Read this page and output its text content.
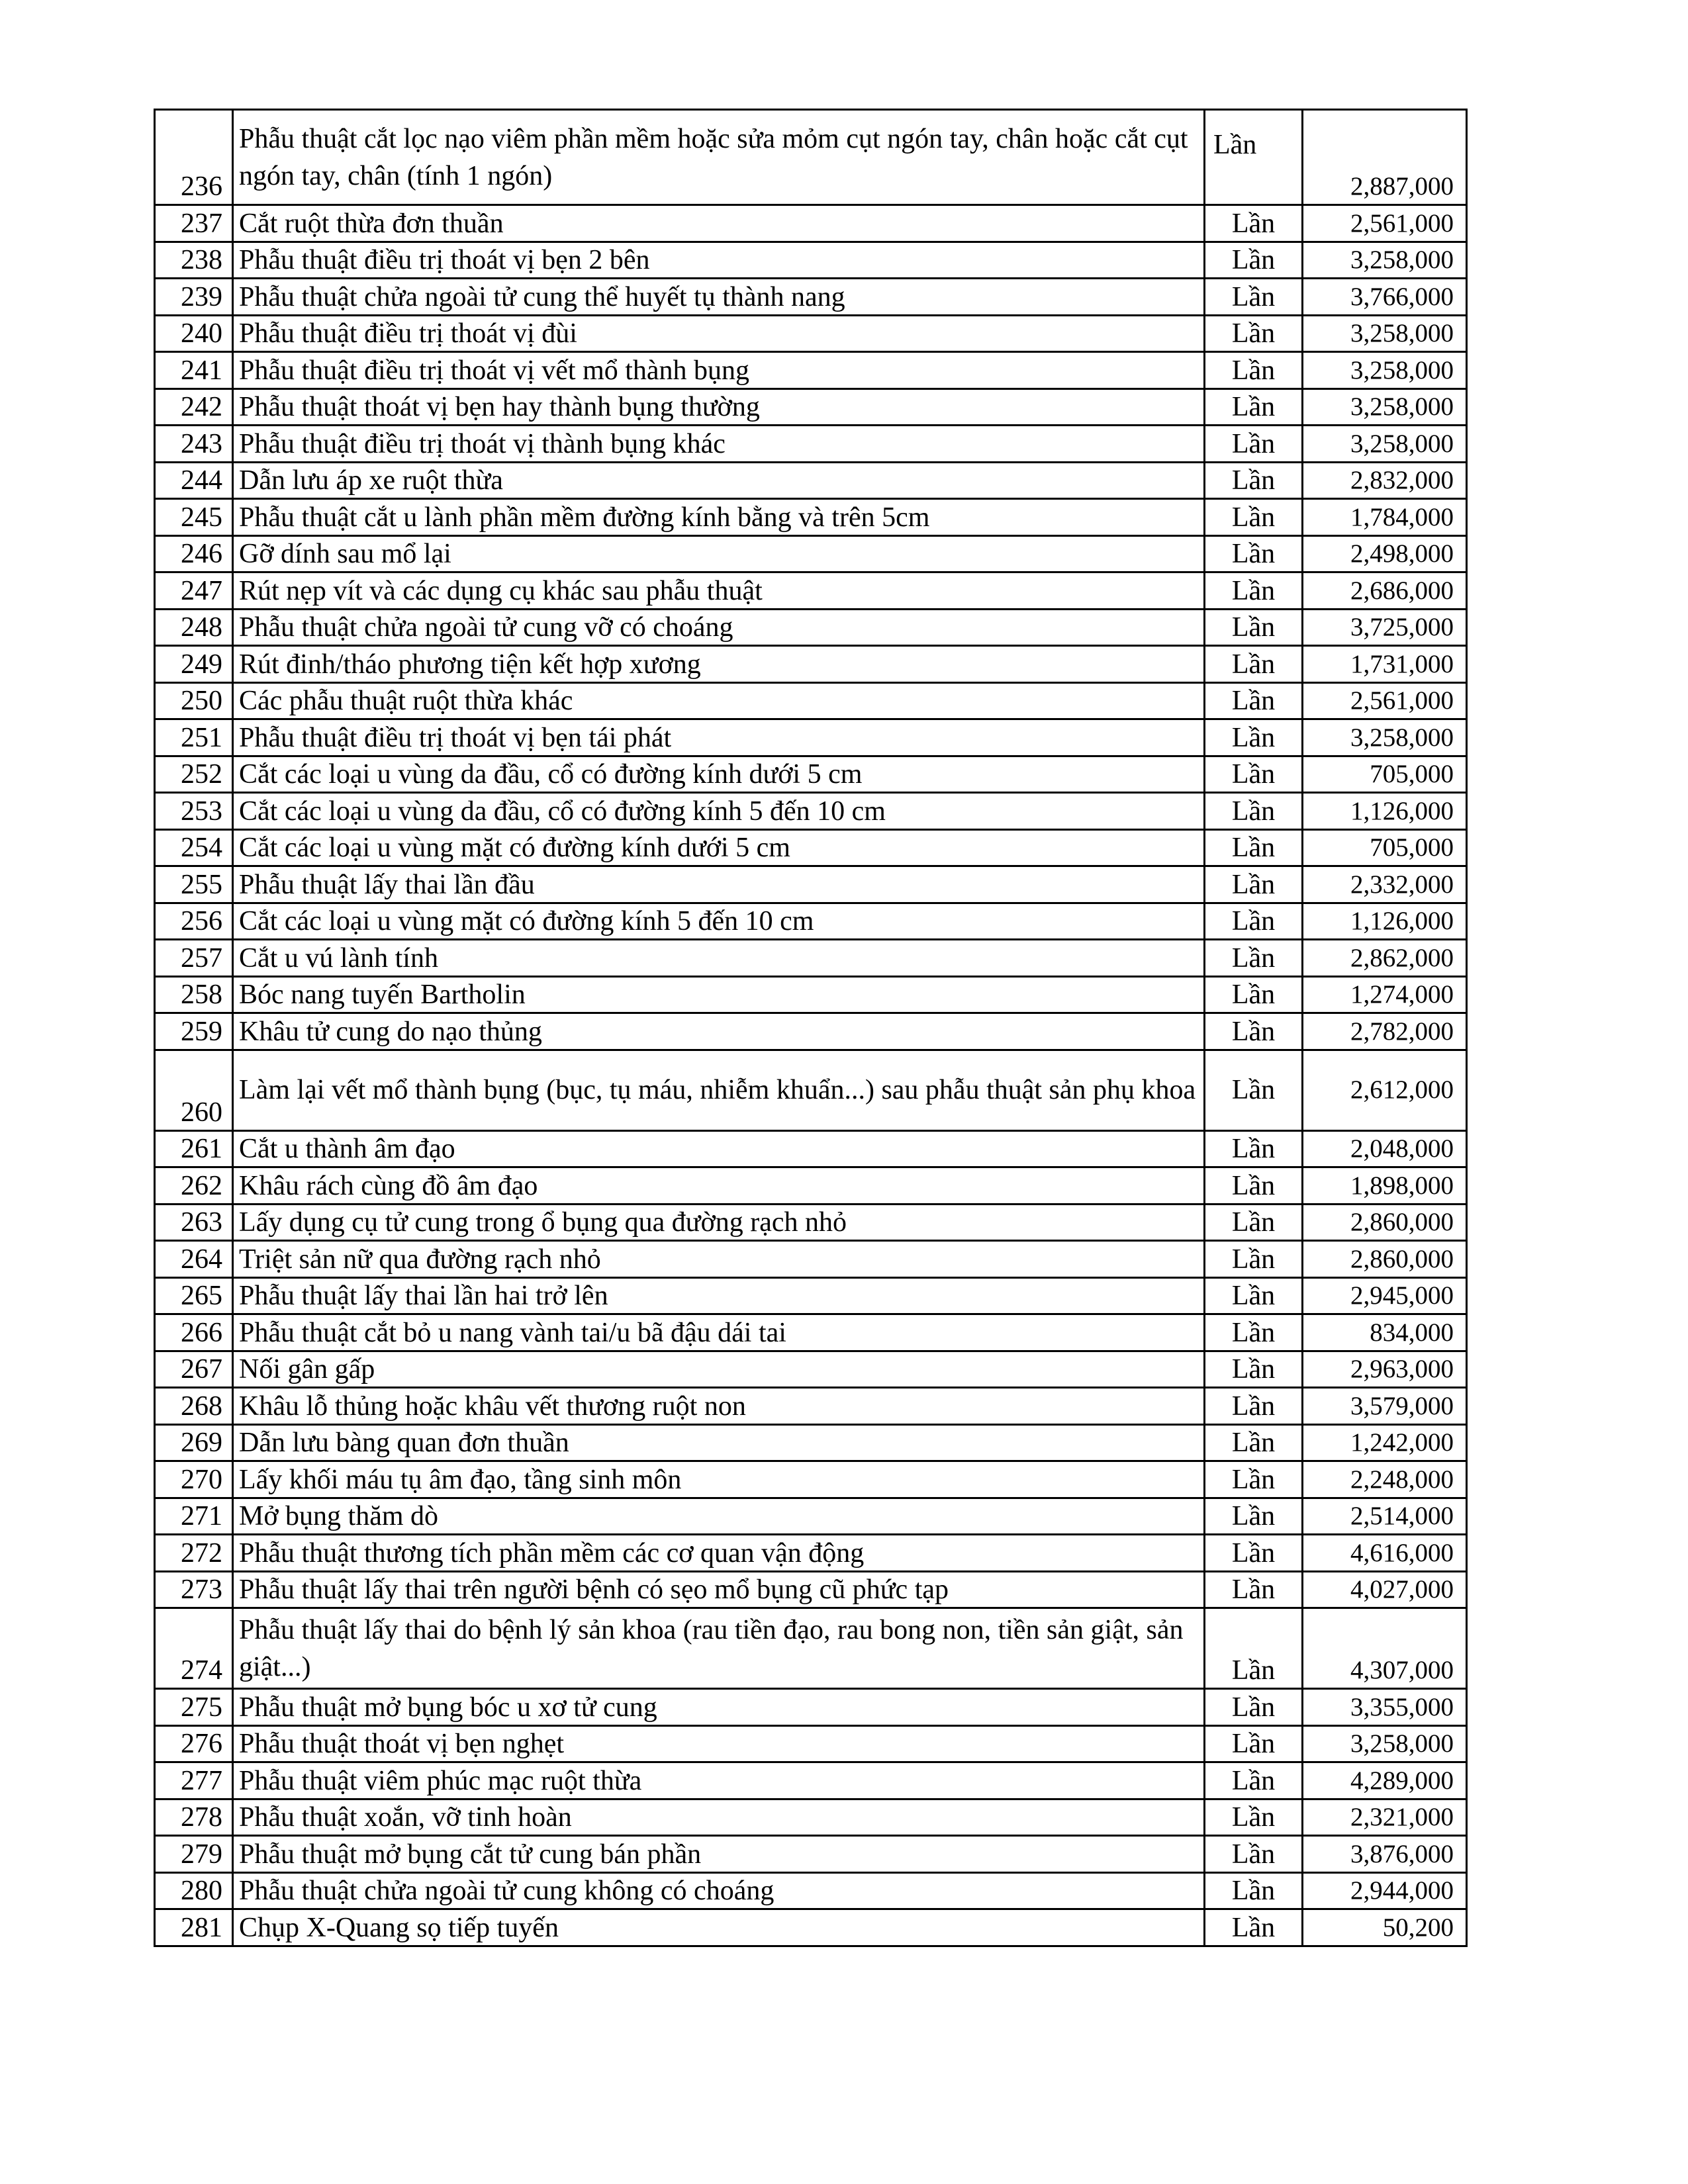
236	Phẫu thuật cắt lọc nạo viêm phần mềm hoặc sửa mỏm cụt ngón tay, chân hoặc cắt cụt ngón tay, chân (tính 1 ngón)	Lần	2,887,000
237	Cắt ruột thừa đơn thuần	Lần	2,561,000
238	Phẫu thuật điều trị thoát vị bẹn 2 bên	Lần	3,258,000
239	Phẫu thuật chửa ngoài tử cung thể huyết tụ thành nang	Lần	3,766,000
240	Phẫu thuật điều trị thoát vị đùi	Lần	3,258,000
241	Phẫu thuật điều trị thoát vị vết mổ thành bụng	Lần	3,258,000
242	Phẫu thuật thoát vị bẹn hay thành bụng thường	Lần	3,258,000
243	Phẫu thuật điều trị thoát vị thành bụng khác	Lần	3,258,000
244	Dẫn lưu áp xe ruột thừa	Lần	2,832,000
245	Phẫu thuật cắt u lành phần mềm đường kính bằng và trên 5cm	Lần	1,784,000
246	Gỡ dính sau mổ lại	Lần	2,498,000
247	Rút nẹp vít và các dụng cụ khác sau phẫu thuật	Lần	2,686,000
248	Phẫu thuật chửa ngoài tử cung vỡ có choáng	Lần	3,725,000
249	Rút đinh/tháo phương tiện kết hợp xương	Lần	1,731,000
250	Các phẫu thuật ruột thừa khác	Lần	2,561,000
251	Phẫu thuật điều trị thoát vị bẹn tái phát	Lần	3,258,000
252	Cắt các loại u vùng da đầu, cổ có đường kính dưới 5 cm	Lần	705,000
253	Cắt các loại u vùng da đầu, cổ có đường kính 5 đến 10 cm	Lần	1,126,000
254	Cắt các loại u vùng mặt có đường kính dưới 5 cm	Lần	705,000
255	Phẫu thuật lấy thai lần đầu	Lần	2,332,000
256	Cắt các loại u vùng mặt có đường kính 5 đến 10 cm	Lần	1,126,000
257	Cắt u vú lành tính	Lần	2,862,000
258	Bóc nang tuyến Bartholin	Lần	1,274,000
259	Khâu tử cung do nạo thủng	Lần	2,782,000
260	Làm lại vết mổ thành bụng (bục, tụ máu, nhiễm khuẩn...) sau phẫu thuật sản phụ khoa	Lần	2,612,000
261	Cắt u thành âm đạo	Lần	2,048,000
262	Khâu rách cùng đồ âm đạo	Lần	1,898,000
263	Lấy dụng cụ tử cung trong ổ bụng qua đường rạch nhỏ	Lần	2,860,000
264	Triệt sản nữ qua đường rạch nhỏ	Lần	2,860,000
265	Phẫu thuật lấy thai lần hai trở lên	Lần	2,945,000
266	Phẫu thuật cắt bỏ u nang vành tai/u bã đậu dái tai	Lần	834,000
267	Nối gân gấp	Lần	2,963,000
268	Khâu lỗ thủng hoặc khâu vết thương ruột non	Lần	3,579,000
269	Dẫn lưu bàng quan đơn thuần	Lần	1,242,000
270	Lấy khối máu tụ âm đạo, tầng sinh môn	Lần	2,248,000
271	Mở bụng thăm dò	Lần	2,514,000
272	Phẫu thuật thương tích phần mềm các cơ quan vận động	Lần	4,616,000
273	Phẫu thuật lấy thai trên người bệnh có sẹo mổ bụng cũ phức tạp	Lần	4,027,000
274	Phẫu thuật lấy thai do bệnh lý sản khoa (rau tiền đạo, rau bong non, tiền sản giật, sản giật...)	Lần	4,307,000
275	Phẫu thuật mở bụng bóc u xơ tử cung	Lần	3,355,000
276	Phẫu thuật thoát vị bẹn nghẹt	Lần	3,258,000
277	Phẫu thuật viêm phúc mạc ruột thừa	Lần	4,289,000
278	Phẫu thuật xoắn, vỡ tinh hoàn	Lần	2,321,000
279	Phẫu thuật mở bụng cắt tử cung bán phần	Lần	3,876,000
280	Phẫu thuật chửa ngoài tử cung không có choáng	Lần	2,944,000
281	Chụp X-Quang sọ tiếp tuyến	Lần	50,200
